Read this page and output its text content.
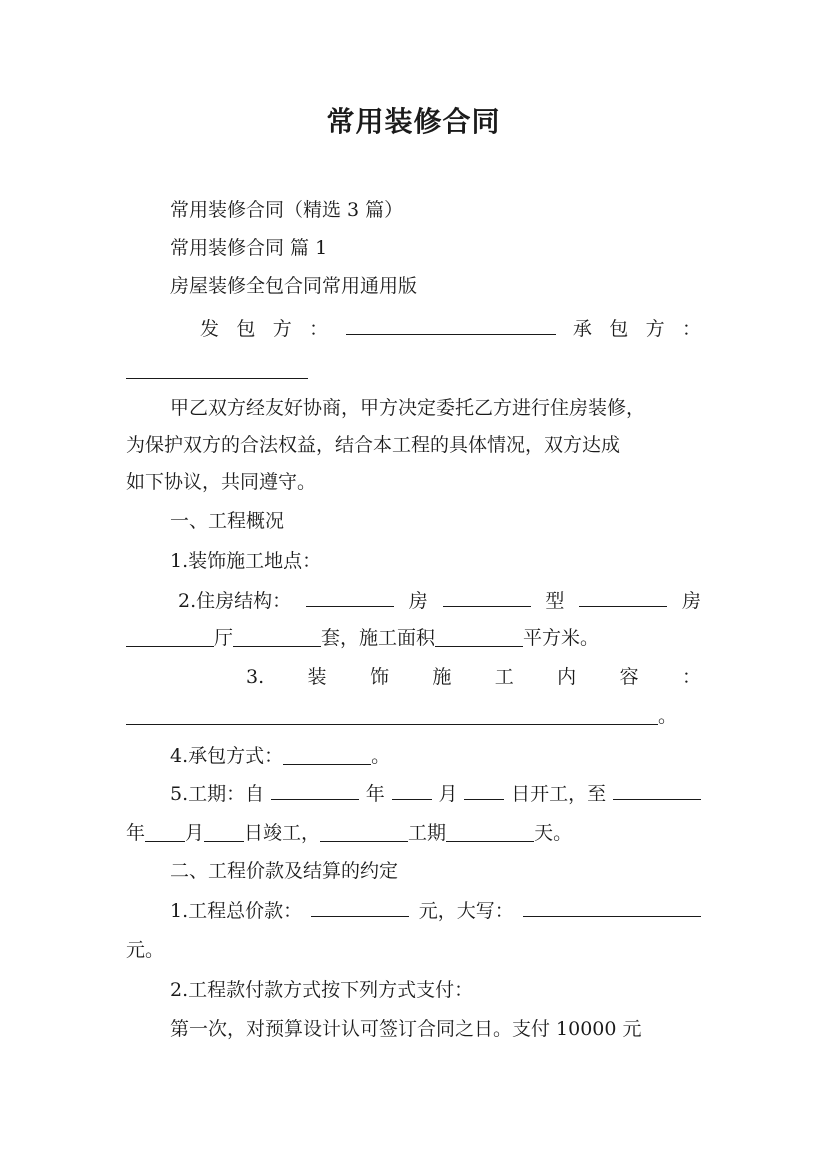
常用装修合同
常用装修合同（精选 3 篇）
常用装修合同 篇 1
房屋装修全包合同常用通用版
发 包 方 ：	承 包 方 ：
甲乙双方经友好协商，甲方决定委托乙方进行住房装修，
为保护双方的合法权益，结合本工程的具体情况，双方达成
如下协议，共同遵守。
一、工程概况
1.装饰施工地点：
2.住房结构：	房	型	房
厅	套，施工面积	平方米。
3. 装 饰 施 工 内 容 ：
。
4.承包方式：	。
5.工期：自	年	月	日开工，至
年 月 日竣工，	工期	天。
二、工程价款及结算的约定
1.工程总价款：	元，大写：
元。
2.工程款付款方式按下列方式支付：
第一次，对预算设计认可签订合同之日。支付 10000 元
